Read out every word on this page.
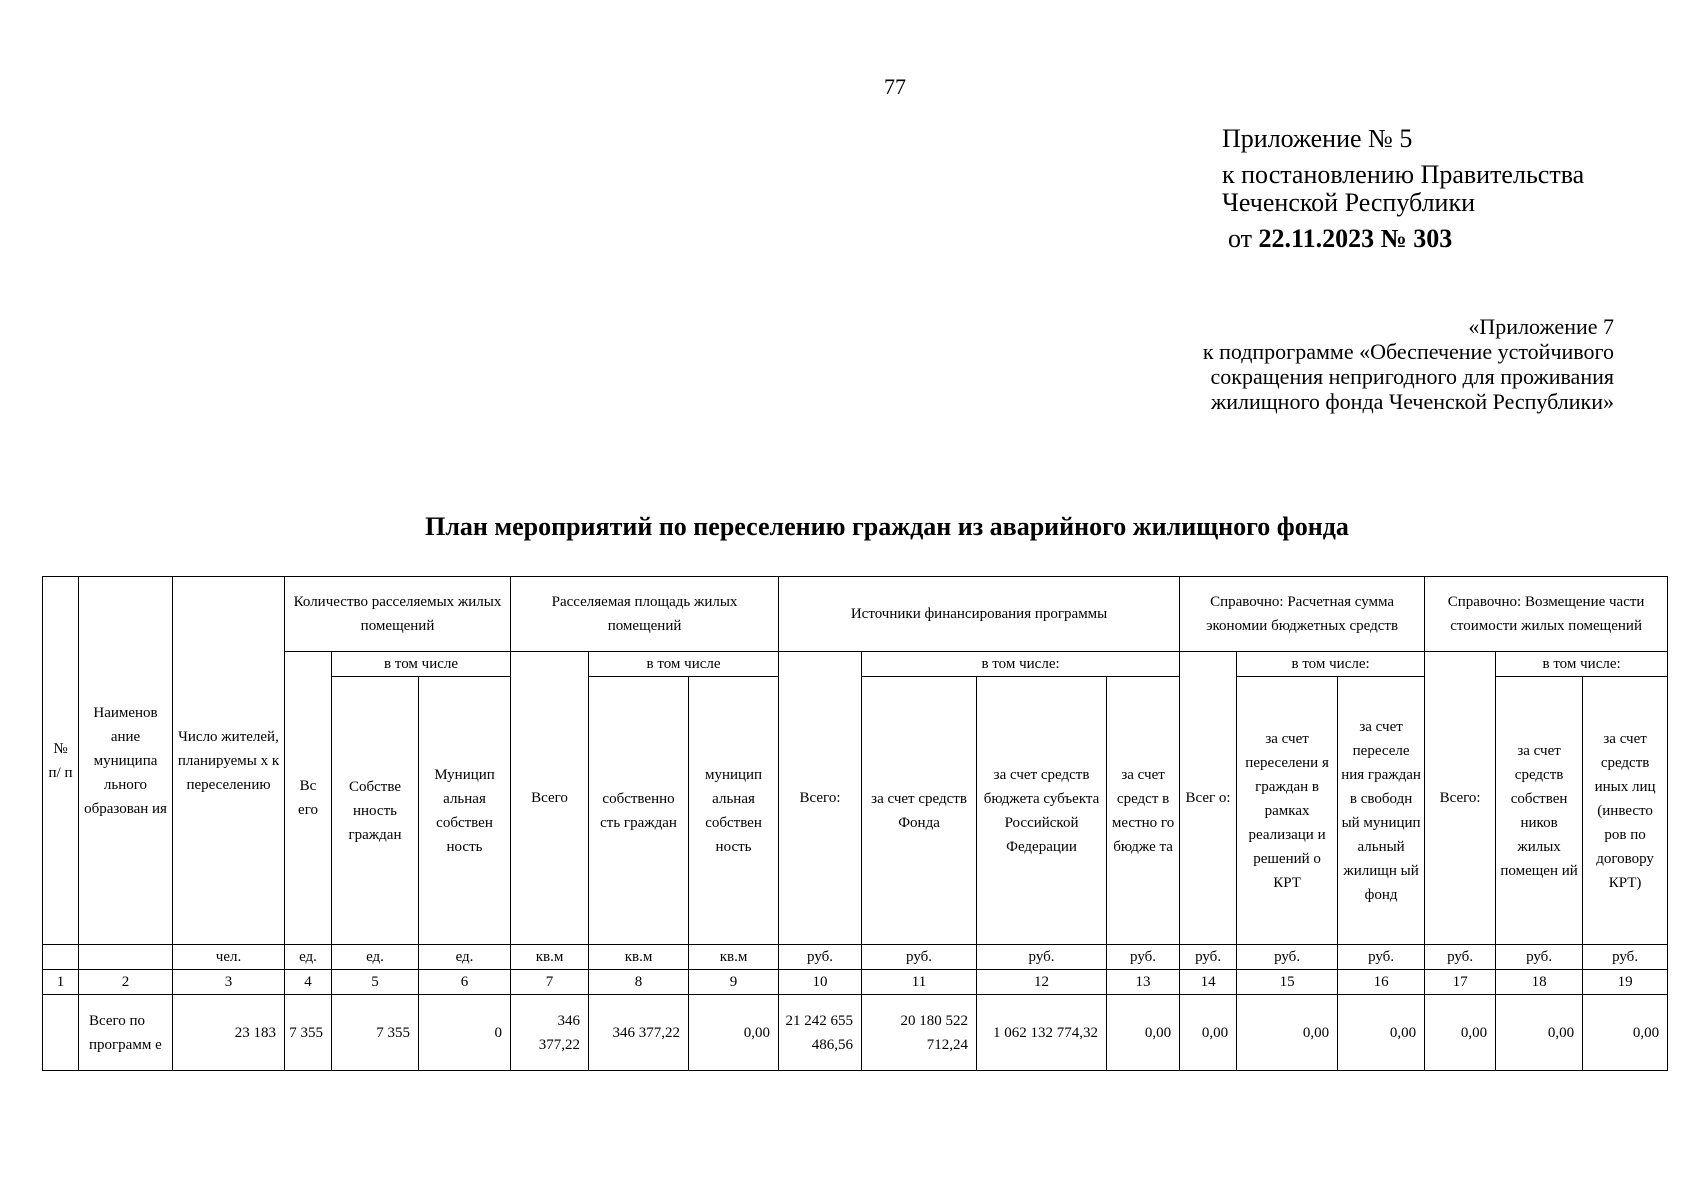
77
Приложение № 5
к постановлению Правительства
Чеченской Республики
от 22.11.2023 № 303
«Приложение 7
к подпрограмме «Обеспечение устойчивого
сокращения непригодного для проживания
жилищного фонда Чеченской Республики»
План мероприятий по переселению граждан из аварийного жилищного фонда
№ п/ п	Наименов ание муниципа льного образован ия	Число жителей, планируемы х к переселению	Количество расселяемых жилых помещений			Расселяемая площадь жилых помещений			Источники финансирования программы				Справочно: Расчетная сумма экономии бюджетных средств			Справочно: Возмещение части стоимости жилых помещений		
			Вс его	в том числе		Всего	в том числе		Всего:	в том числе:			Всег о:	в том числе:		Всего:	в том числе:	
				Собстве нность граждан	Муницип альная собствен ность		собственно сть граждан	муницип альная собствен ность		за счет средств Фонда	за счет средств бюджета субъекта Российской Федерации	за счет средст в местно го бюдже та		за счет переселени я граждан в рамках реализаци и решений о КРТ	за счет переселе ния граждан в свободн ый муницип альный жилищн ый фонд		за счет средств собствен ников жилых помещен ий	за счет средств иных лиц (инвесто ров по договору КРТ)
		чел.	ед.	ед.	ед.	кв.м	кв.м	кв.м	руб.	руб.	руб.	руб.	руб.	руб.	руб.	руб.	руб.	руб.
1	2	3	4	5	6	7	8	9	10	11	12	13	14	15	16	17	18	19
	Всего по программ е	23 183	7 355	7 355	0	346 377,22	346 377,22	0,00	21 242 655 486,56	20 180 522 712,24	1 062 132 774,32	0,00	0,00	0,00	0,00	0,00	0,00	0,00
